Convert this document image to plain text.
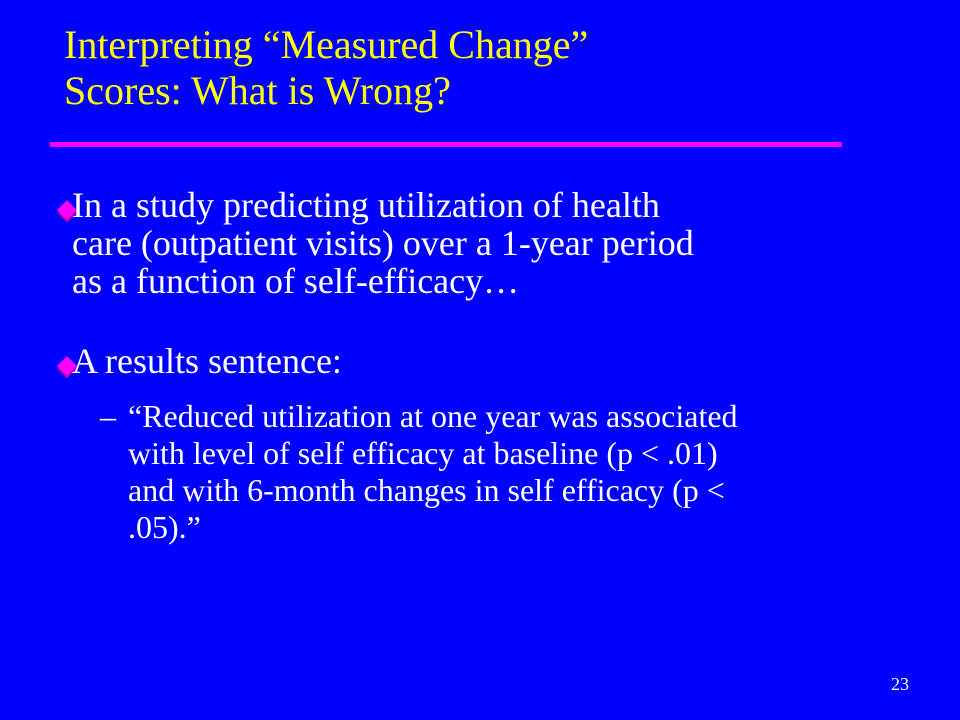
Interpreting “Measured Change”
Scores: What is Wrong?
In a study predicting utilization of health
care (outpatient visits) over a 1-year period
as a function of self-efficacy…
A results sentence:
– “Reduced utilization at one year was associated
with level of self efficacy at baseline (p < .01)
and with 6-month changes in self efficacy (p <
.05).”
23
